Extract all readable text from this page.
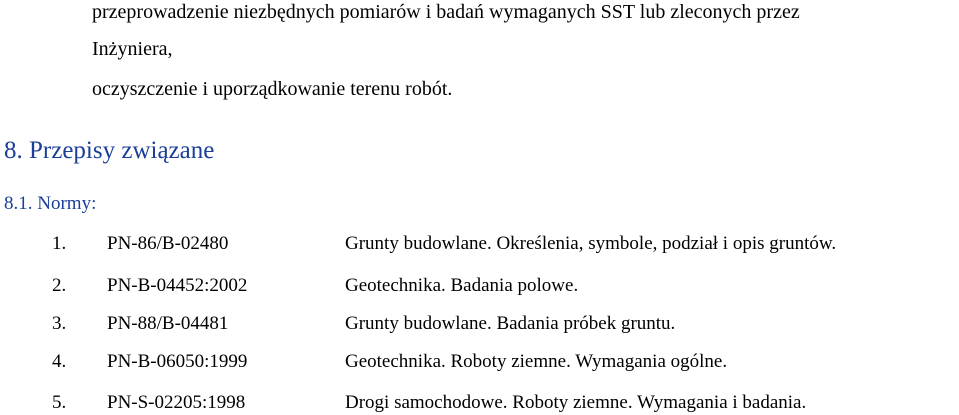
przeprowadzenie niezbędnych pomiarów i badań wymaganych SST lub zleconych przez
Inżyniera,
oczyszczenie i uporządkowanie terenu robót.
8. Przepisy związane
8.1. Normy:
1. PN-86/B-02480	Grunty budowlane. Określenia, symbole, podział i opis gruntów.
2. PN-B-04452:2002	Geotechnika. Badania polowe.
3. PN-88/B-04481	Grunty budowlane. Badania próbek gruntu.
4. PN-B-06050:1999	Geotechnika. Roboty ziemne. Wymagania ogólne.
5. PN-S-02205:1998	Drogi samochodowe. Roboty ziemne. Wymagania i badania.
